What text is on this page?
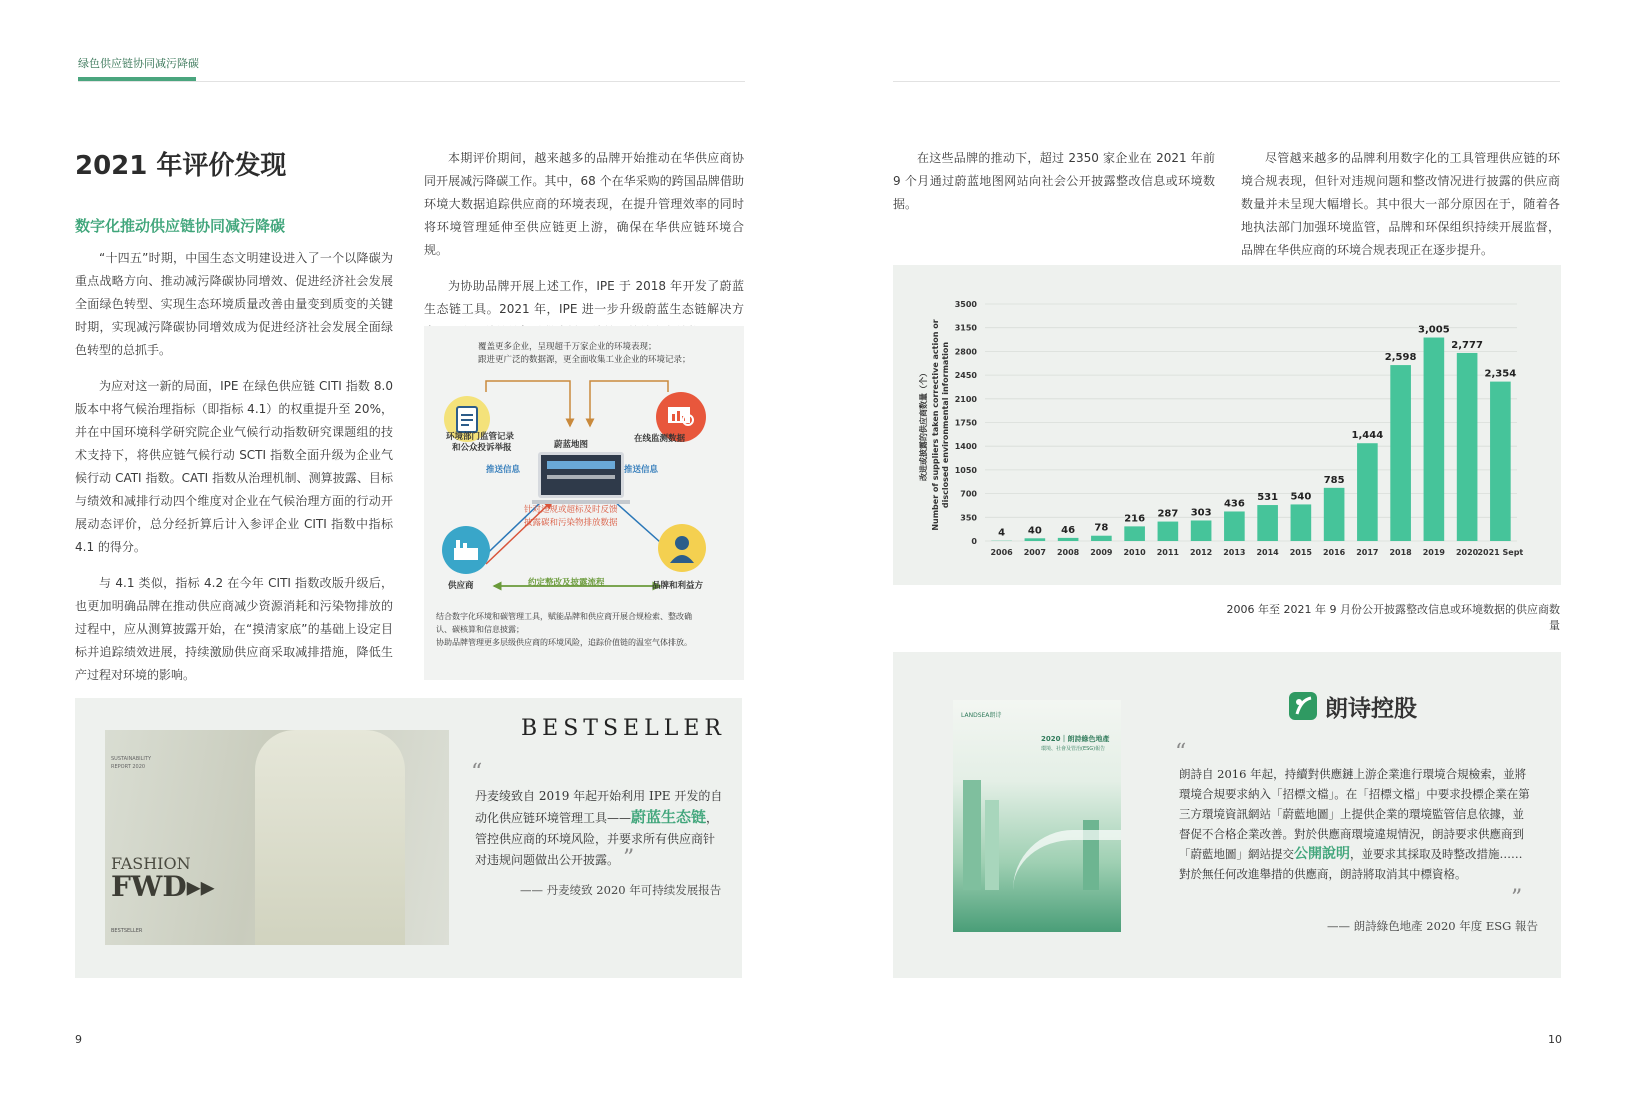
绿色供应链协同减污降碳
2021 年评价发现
数字化推动供应链协同减污降碳

“十四五”时期，中国生态文明建设进入了一个以降碳为重点战略方向、推动减污降碳协同增效、促进经济社会发展全面绿色转型、实现生态环境质量改善由量变到质变的关键时期，实现减污降碳协同增效成为促进经济社会发展全面绿色转型的总抓手。

为应对这一新的局面，IPE 在绿色供应链 CITI 指数 8.0 版本中将气候治理指标（即指标 4.1）的权重提升至 20%，并在中国环境科学研究院企业气候行动指数研究课题组的技术支持下，将供应链气候行动 SCTI 指数全面升级为企业气候行动 CATI 指数。CATI 指数从治理机制、测算披露、目标与绩效和减排行动四个维度对企业在气候治理方面的行动开展动态评价，总分经折算后计入参评企业 CITI 指数中指标 4.1 的得分。

与 4.1 类似，指标 4.2 在今年 CITI 指数改版升级后，也更加明确品牌在推动供应商减少资源消耗和污染物排放的过程中，应从测算披露开始，在“摸清家底”的基础上设定目标并追踪绩效进展，持续激励供应商采取减排措施，降低生产过程对环境的影响。

本期评价期间，越来越多的品牌开始推动在华供应商协同开展减污降碳工作。其中，68 个在华采购的跨国品牌借助环境大数据追踪供应商的环境表现，在提升管理效率的同时将环境管理延伸至供应链更上游，确保在华供应链环境合规。

为协助品牌开展上述工作，IPE 于 2018 年开发了蔚蓝生态链工具。2021 年，IPE 进一步升级蔚蓝生态链解决方

覆盖更多企业，呈现超千万家企业的环境表现；
跟进更广泛的数据源，更全面收集工业企业的环境记录；
环境部门监管记录
和公众投诉举报
在线监测数据
蔚蓝地图
推送信息	推送信息
针对违规或超标及时反馈
披露碳和污染物排放数据
供应商	品牌和利益方
约定整改及披露流程
结合数字化环境和碳管理工具，赋能品牌和供应商开展合规检索、整改确
认、碳核算和信息披露；
协助品牌管理更多层级供应商的环境风险，追踪价值链的温室气体排放。
SUSTAINABILITY
REPORT 2020
FASHION
FWD▸▸
BESTSELLER
BESTSELLER
“
丹麦绫致自 2019 年起开始利用 IPE 开发的自动化供应链环境管理工具——蔚蓝生态链，管控供应商的环境风险，并要求所有供应商针对违规问题做出公开披露。 ”
—— 丹麦绫致 2020 年可持续发展报告
9

在这些品牌的推动下，超过 2350 家企业在 2021 年前 9 个月通过蔚蓝地图网站向社会公开披露整改信息或环境数据。

尽管越来越多的品牌利用数字化的工具管理供应链的环境合规表现，但针对违规问题和整改情况进行披露的供应商数量并未呈现大幅增长。其中很大一部分原因在于，随着各地执法部门加强环境监管，品牌和环保组织持续开展监督，品牌在华供应商的环境合规表现正在逐步提升。

改进或披露的供应商数量（个） Number of suppliers taken corrective action or disclosed environmental information
0
350
700
1050
1400
1750
2100
2450
2800
3150
3500
4
2006
40
2007
46
2008
78
2009
216
2010
287
2011
303
2012
436
2013
531
2014
540
2015
785
2016
1,444
2017
2,598
2018
3,005
2019
2,777
2020
2,354
2021 Sept
2006 年至 2021 年 9 月份公开披露整改信息或环境数据的供应商数量
LANDSEA朗诗
2020｜朗詩綠色地產
環境、社會及管治(ESG)報告
朗诗控股
“
朗詩自 2016 年起，持續對供應鏈上游企業進行環境合規檢索，並將環境合規要求納入「招標文檔」。在「招標文檔」中要求投標企業在第三方環境資訊網站「蔚藍地圖」上提供企業的環境監管信息依據，並督促不合格企業改善。對於供應商環境違規情況，朗詩要求供應商到「蔚藍地圖」網站提交公開說明，並要求其採取及時整改措施……對於無任何改進舉措的供應商，朗詩將取消其中標資格。
”
—— 朗詩綠色地產 2020 年度 ESG 報告
10
